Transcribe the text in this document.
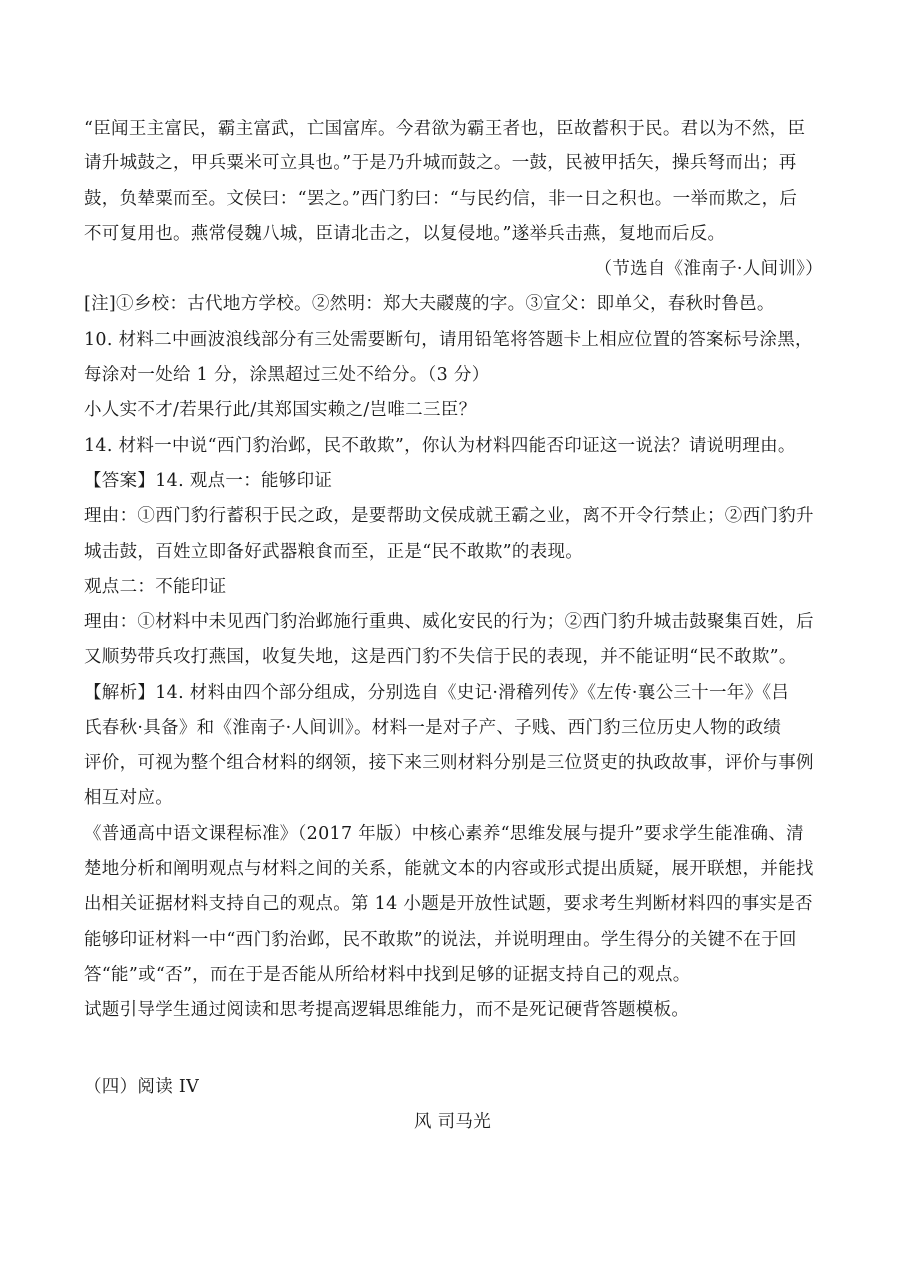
“臣闻王主富民，霸主富武，亡国富库。今君欲为霸王者也，臣故蓄积于民。君以为不然，臣
请升城鼓之，甲兵粟米可立具也。”于是乃升城而鼓之。一鼓，民被甲括矢，操兵弩而出；再
鼓，负辇粟而至。文侯曰：“罢之。”西门豹曰：“与民约信，非一日之积也。一举而欺之，后
不可复用也。燕常侵魏八城，臣请北击之，以复侵地。”遂举兵击燕，复地而后反。
（节选自《淮南子·人间训》）
[注]①乡校：古代地方学校。②然明：郑大夫鬷蔑的字。③宣父：即单父，春秋时鲁邑。
10. 材料二中画波浪线部分有三处需要断句，请用铅笔将答题卡上相应位置的答案标号涂黑，
每涂对一处给 1 分，涂黑超过三处不给分。（3 分）
小人实不才/若果行此/其郑国实赖之/岂唯二三臣？
14. 材料一中说“西门豹治邺，民不敢欺”，你认为材料四能否印证这一说法？请说明理由。
【答案】14. 观点一：能够印证
理由：①西门豹行蓄积于民之政，是要帮助文侯成就王霸之业，离不开令行禁止；②西门豹升
城击鼓，百姓立即备好武器粮食而至，正是“民不敢欺”的表现。
观点二：不能印证
理由：①材料中未见西门豹治邺施行重典、威化安民的行为；②西门豹升城击鼓聚集百姓，后
又顺势带兵攻打燕国，收复失地，这是西门豹不失信于民的表现，并不能证明“民不敢欺”。
【解析】14. 材料由四个部分组成，分别选自《史记·滑稽列传》《左传·襄公三十一年》《吕
氏春秋·具备》和《淮南子·人间训》。材料一是对子产、子贱、西门豹三位历史人物的政绩
评价，可视为整个组合材料的纲领，接下来三则材料分别是三位贤吏的执政故事，评价与事例
相互对应。
《普通高中语文课程标准》（2017 年版）中核心素养“思维发展与提升”要求学生能准确、清
楚地分析和阐明观点与材料之间的关系，能就文本的内容或形式提出质疑，展开联想，并能找
出相关证据材料支持自己的观点。第 14 小题是开放性试题，要求考生判断材料四的事实是否
能够印证材料一中“西门豹治邺，民不敢欺”的说法，并说明理由。学生得分的关键不在于回
答“能”或“否”，而在于是否能从所给材料中找到足够的证据支持自己的观点。
试题引导学生通过阅读和思考提高逻辑思维能力，而不是死记硬背答题模板。
（四）阅读 IV
风 司马光
